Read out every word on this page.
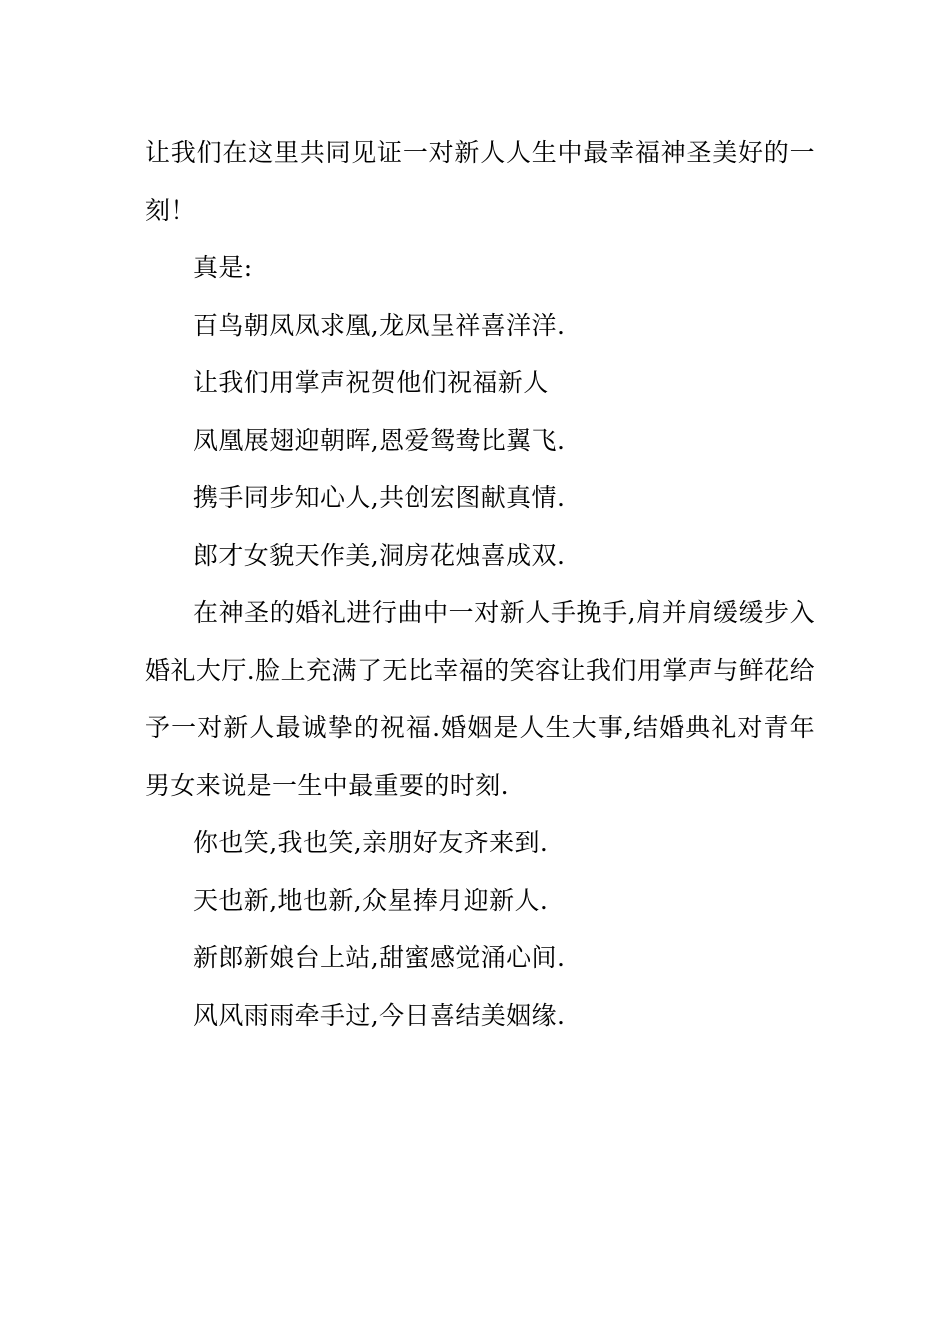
让我们在这里共同见证一对新人人生中最幸福神圣美好的一刻！

真是:

百鸟朝凤凤求凰,龙凤呈祥喜洋洋.

让我们用掌声祝贺他们祝福新人

凤凰展翅迎朝晖,恩爱鸳鸯比翼飞.

携手同步知心人,共创宏图献真情.

郎才女貌天作美,洞房花烛喜成双.

在神圣的婚礼进行曲中一对新人手挽手,肩并肩缓缓步入婚礼大厅.脸上充满了无比幸福的笑容让我们用掌声与鲜花给予一对新人最诚挚的祝福.婚姻是人生大事,结婚典礼对青年男女来说是一生中最重要的时刻.

你也笑,我也笑,亲朋好友齐来到.

天也新,地也新,众星捧月迎新人.

新郎新娘台上站,甜蜜感觉涌心间.

风风雨雨牵手过,今日喜结美姻缘.
